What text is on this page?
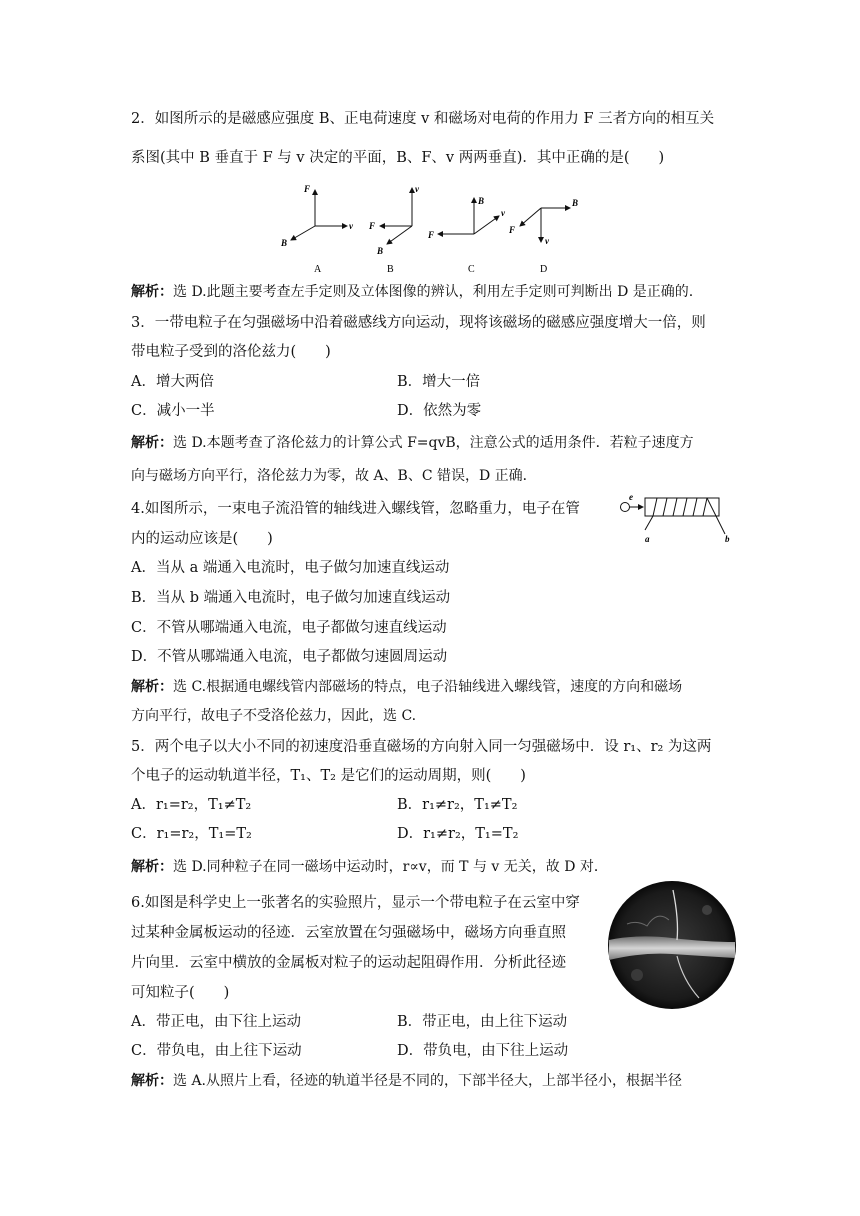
2．如图所示的是磁感应强度 B、正电荷速度 v 和磁场对电荷的作用力 F 三者方向的相互关
系图(其中 B 垂直于 F 与 v 决定的平面，B、F、v 两两垂直)．其中正确的是(　　)
F
v
B
A
v
F
B
B
B
F
v
C
B
F
v
D
解析：选 D.此题主要考查左手定则及立体图像的辨认，利用左手定则可判断出 D 是正确的.
3．一带电粒子在匀强磁场中沿着磁感线方向运动，现将该磁场的磁感应强度增大一倍，则
带电粒子受到的洛伦兹力(　　)
A．增大两倍	B．增大一倍
C．减小一半	D．依然为零
解析：选 D.本题考查了洛伦兹力的计算公式 F=qvB，注意公式的适用条件．若粒子速度方
向与磁场方向平行，洛伦兹力为零，故 A、B、C 错误，D 正确．
4.如图所示，一束电子流沿管的轴线进入螺线管，忽略重力，电子在管
内的运动应该是(　　)
e
a	b
A．当从 a 端通入电流时，电子做匀加速直线运动
B．当从 b 端通入电流时，电子做匀加速直线运动
C．不管从哪端通入电流，电子都做匀速直线运动
D．不管从哪端通入电流，电子都做匀速圆周运动
解析：选 C.根据通电螺线管内部磁场的特点，电子沿轴线进入螺线管，速度的方向和磁场
方向平行，故电子不受洛伦兹力，因此，选 C.
5．两个电子以大小不同的初速度沿垂直磁场的方向射入同一匀强磁场中．设 r₁、r₂ 为这两
个电子的运动轨道半径，T₁、T₂ 是它们的运动周期，则(　　)
A．r₁=r₂，T₁≠T₂	B．r₁≠r₂，T₁≠T₂
C．r₁=r₂，T₁=T₂	D．r₁≠r₂，T₁=T₂
解析：选 D.同种粒子在同一磁场中运动时，r∝v，而 T 与 v 无关，故 D 对．
6.如图是科学史上一张著名的实验照片，显示一个带电粒子在云室中穿
过某种金属板运动的径迹．云室放置在匀强磁场中，磁场方向垂直照
片向里．云室中横放的金属板对粒子的运动起阻碍作用．分析此径迹
可知粒子(　　)
A．带正电，由下往上运动	B．带正电，由上往下运动
C．带负电，由上往下运动	D．带负电，由下往上运动
解析：选 A.从照片上看，径迹的轨道半径是不同的，下部半径大，上部半径小，根据半径
